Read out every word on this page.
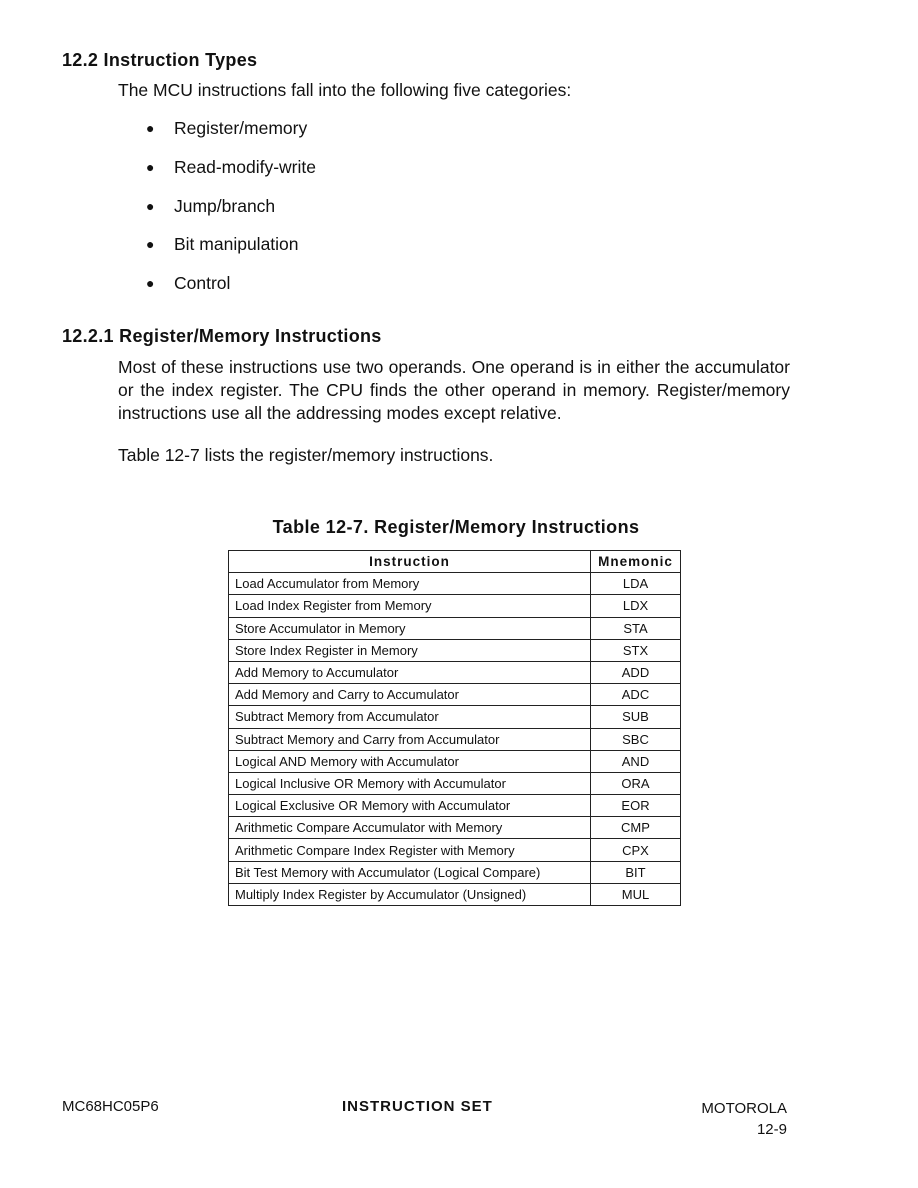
12.2 Instruction Types

The MCU instructions fall into the following five categories:

●	Register/memory
●	Read-modify-write
●	Jump/branch
●	Bit manipulation
●	Control
12.2.1 Register/Memory Instructions

Most of these instructions use two operands. One operand is in either the accumulator or the index register. The CPU finds the other operand in memory. Register/memory instructions use all the addressing modes except relative.

Table 12-7 lists the register/memory instructions.

Table 12-7. Register/Memory Instructions

Instruction	Mnemonic
Load Accumulator from Memory	LDA
Load Index Register from Memory	LDX
Store Accumulator in Memory	STA
Store Index Register in Memory	STX
Add Memory to Accumulator	ADD
Add Memory and Carry to Accumulator	ADC
Subtract Memory from Accumulator	SUB
Subtract Memory and Carry from Accumulator	SBC
Logical AND Memory with Accumulator	AND
Logical Inclusive OR Memory with Accumulator	ORA
Logical Exclusive OR Memory with Accumulator	EOR
Arithmetic Compare Accumulator with Memory	CMP
Arithmetic Compare Index Register with Memory	CPX
Bit Test Memory with Accumulator (Logical Compare)	BIT
Multiply Index Register by Accumulator (Unsigned)	MUL

MC68HC05P6	INSTRUCTION SET	MOTOROLA
12-9
